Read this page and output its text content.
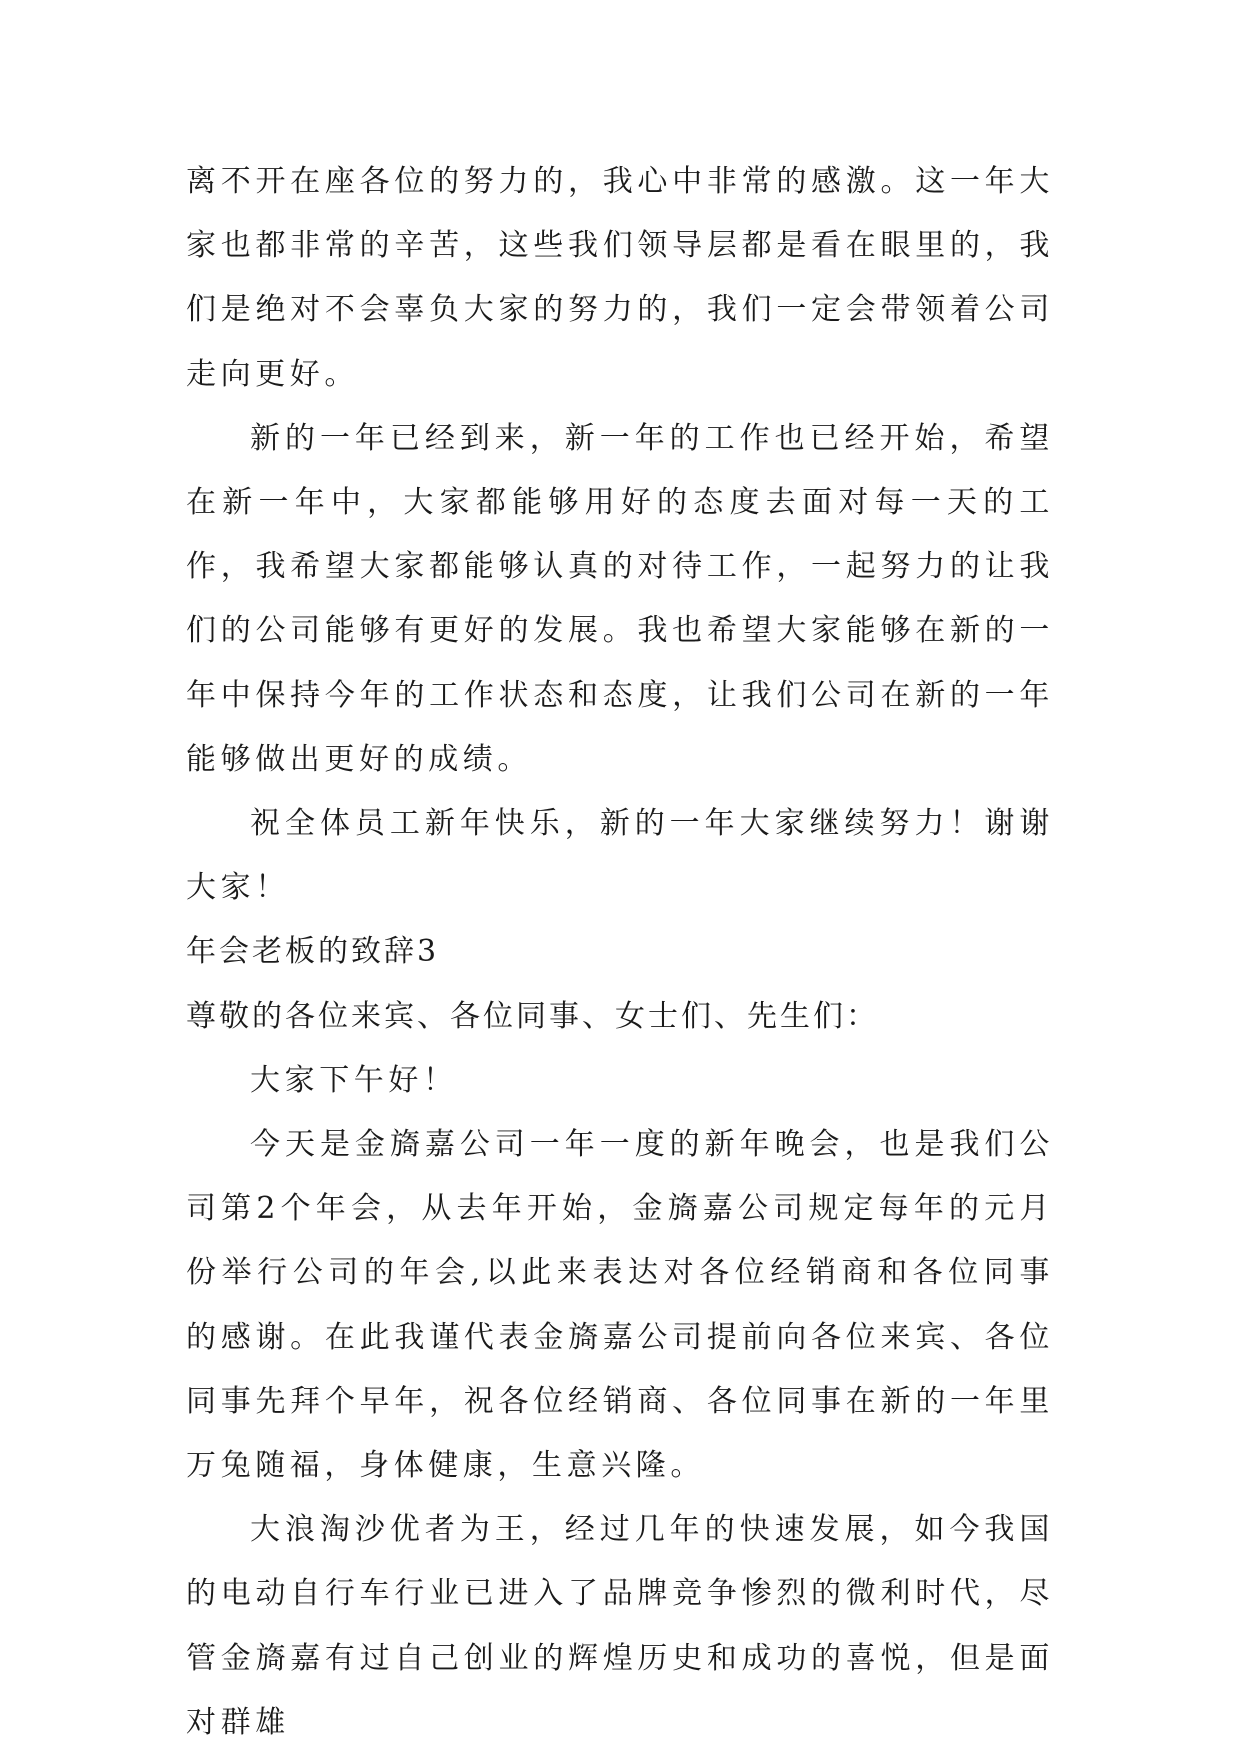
离不开在座各位的努力的，我心中非常的感激。这一年大家也都非常的辛苦，这些我们领导层都是看在眼里的，我们是绝对不会辜负大家的努力的，我们一定会带领着公司走向更好。

新的一年已经到来，新一年的工作也已经开始，希望在新一年中，大家都能够用好的态度去面对每一天的工作，我希望大家都能够认真的对待工作，一起努力的让我们的公司能够有更好的发展。我也希望大家能够在新的一年中保持今年的工作状态和态度，让我们公司在新的一年能够做出更好的成绩。

祝全体员工新年快乐，新的一年大家继续努力！谢谢大家！

年会老板的致辞3

尊敬的各位来宾、各位同事、女士们、先生们：

大家下午好！

今天是金旖嘉公司一年一度的新年晚会，也是我们公司第2个年会，从去年开始，金旖嘉公司规定每年的元月份举行公司的年会,以此来表达对各位经销商和各位同事的感谢。在此我谨代表金旖嘉公司提前向各位来宾、各位同事先拜个早年，祝各位经销商、各位同事在新的一年里万兔随福，身体健康，生意兴隆。

大浪淘沙优者为王，经过几年的快速发展，如今我国的电动自行车行业已进入了品牌竞争惨烈的微利时代，尽管金旖嘉有过自己创业的辉煌历史和成功的喜悦，但是面对群雄
